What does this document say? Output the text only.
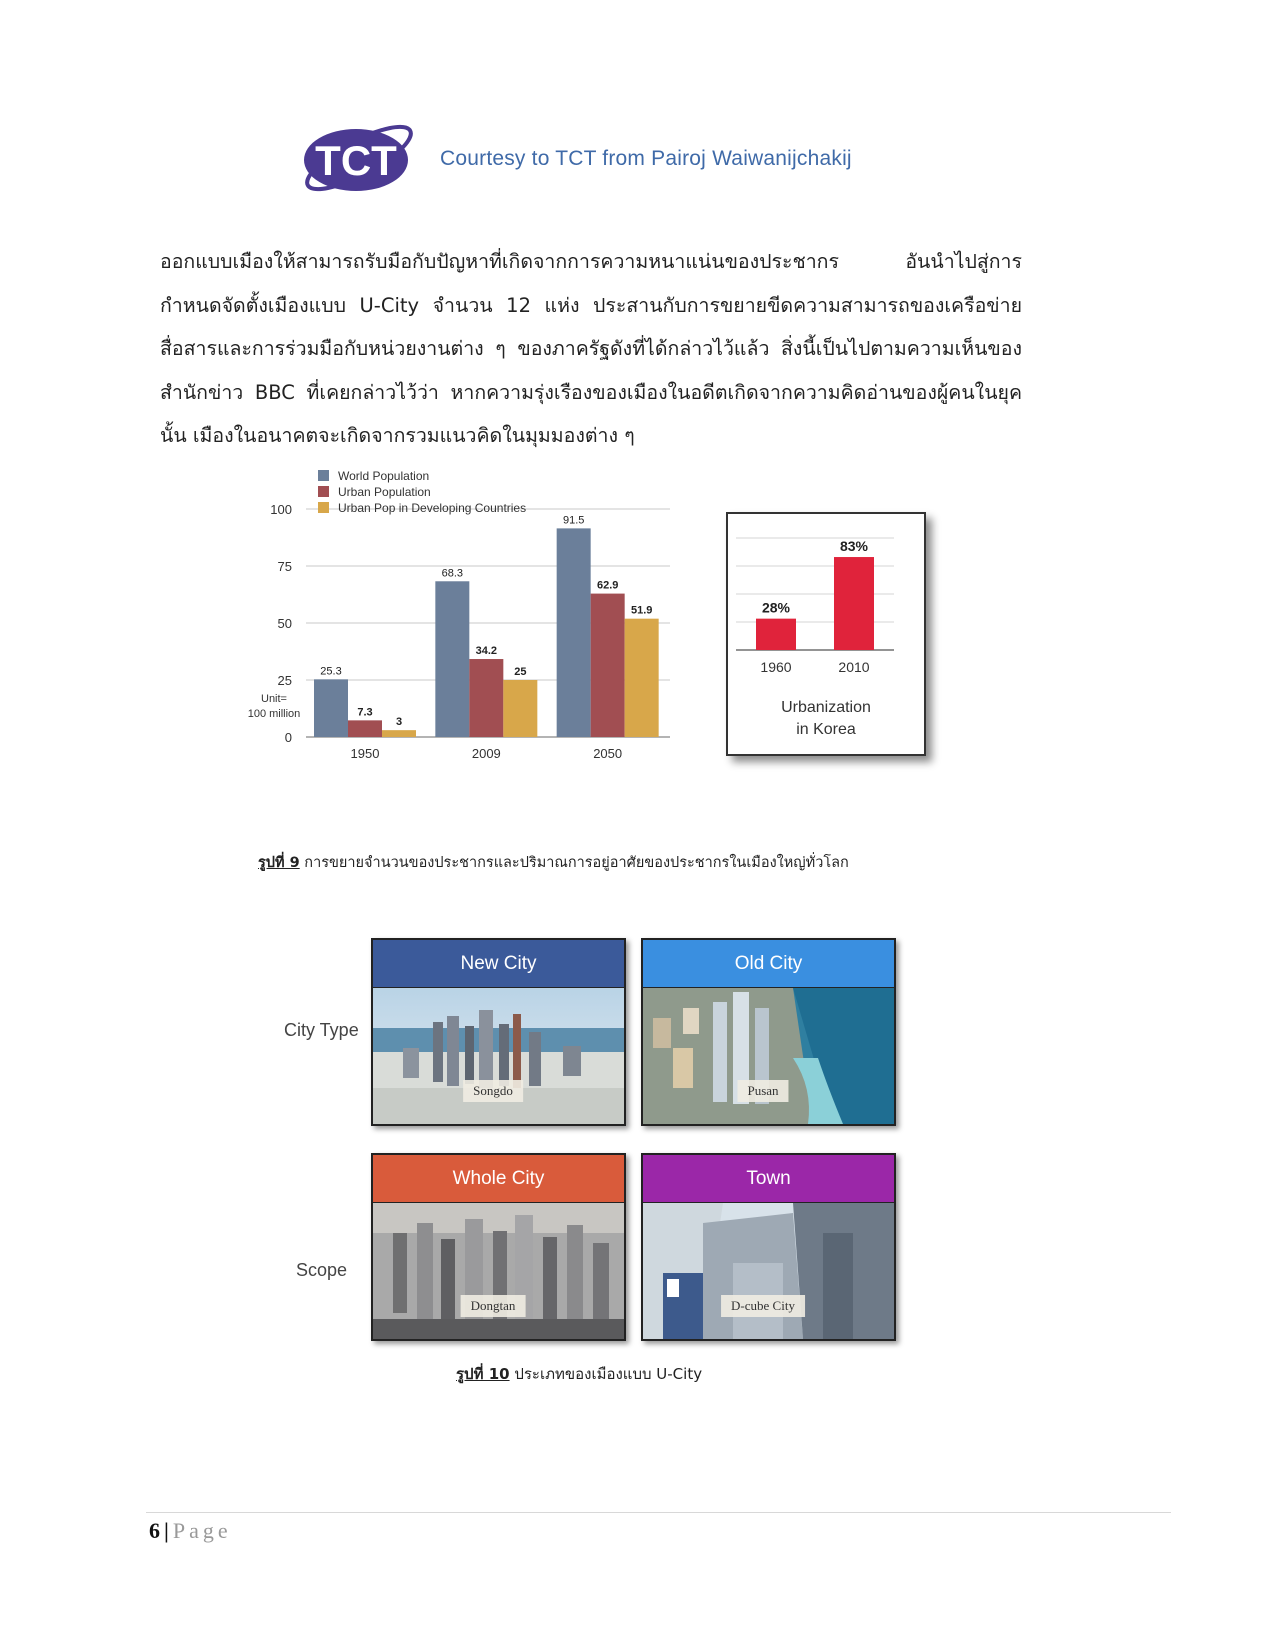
TCT Courtesy to TCT from Pairoj Waiwanijchakij

ออกแบบเมืองให้สามารถรับมือกับปัญหาที่เกิดจากการความหนาแน่นของประชากร อันนำไปสู่การกำหนดจัดตั้งเมืองแบบ U-City จำนวน 12 แห่ง ประสานกับการขยายขีดความสามารถของเครือข่ายสื่อสารและการร่วมมือกับหน่วยงานต่าง ๆ ของภาครัฐดังที่ได้กล่าวไว้แล้ว สิ่งนี้เป็นไปตามความเห็นของสำนักข่าว BBC ที่เคยกล่าวไว้ว่า หากความรุ่งเรืองของเมืองในอดีตเกิดจากความคิดอ่านของผู้คนในยุคนั้น เมืองในอนาคตจะเกิดจากรวมแนวคิดในมุมมองต่าง ๆ

0
25
50
75
100
25.3
7.3
3
68.3
34.2
25
91.5
62.9
51.9
1950	2009	2050
World Population
Urban Population
Urban Pop in Developing Countries
Unit=
100 million
28%
1960
83%
2010
Urbanization
in Korea
รูปที่ 9 การขยายจำนวนของประชากรและปริมาณการอยู่อาศัยของประชากรในเมืองใหญ่ทั่วโลก
City Type
Scope
New City
Songdo
Old City
Pusan
Whole City
Dongtan
Town
D-cube City
รูปที่ 10 ประเภทของเมืองแบบ U-City
6 | Page
